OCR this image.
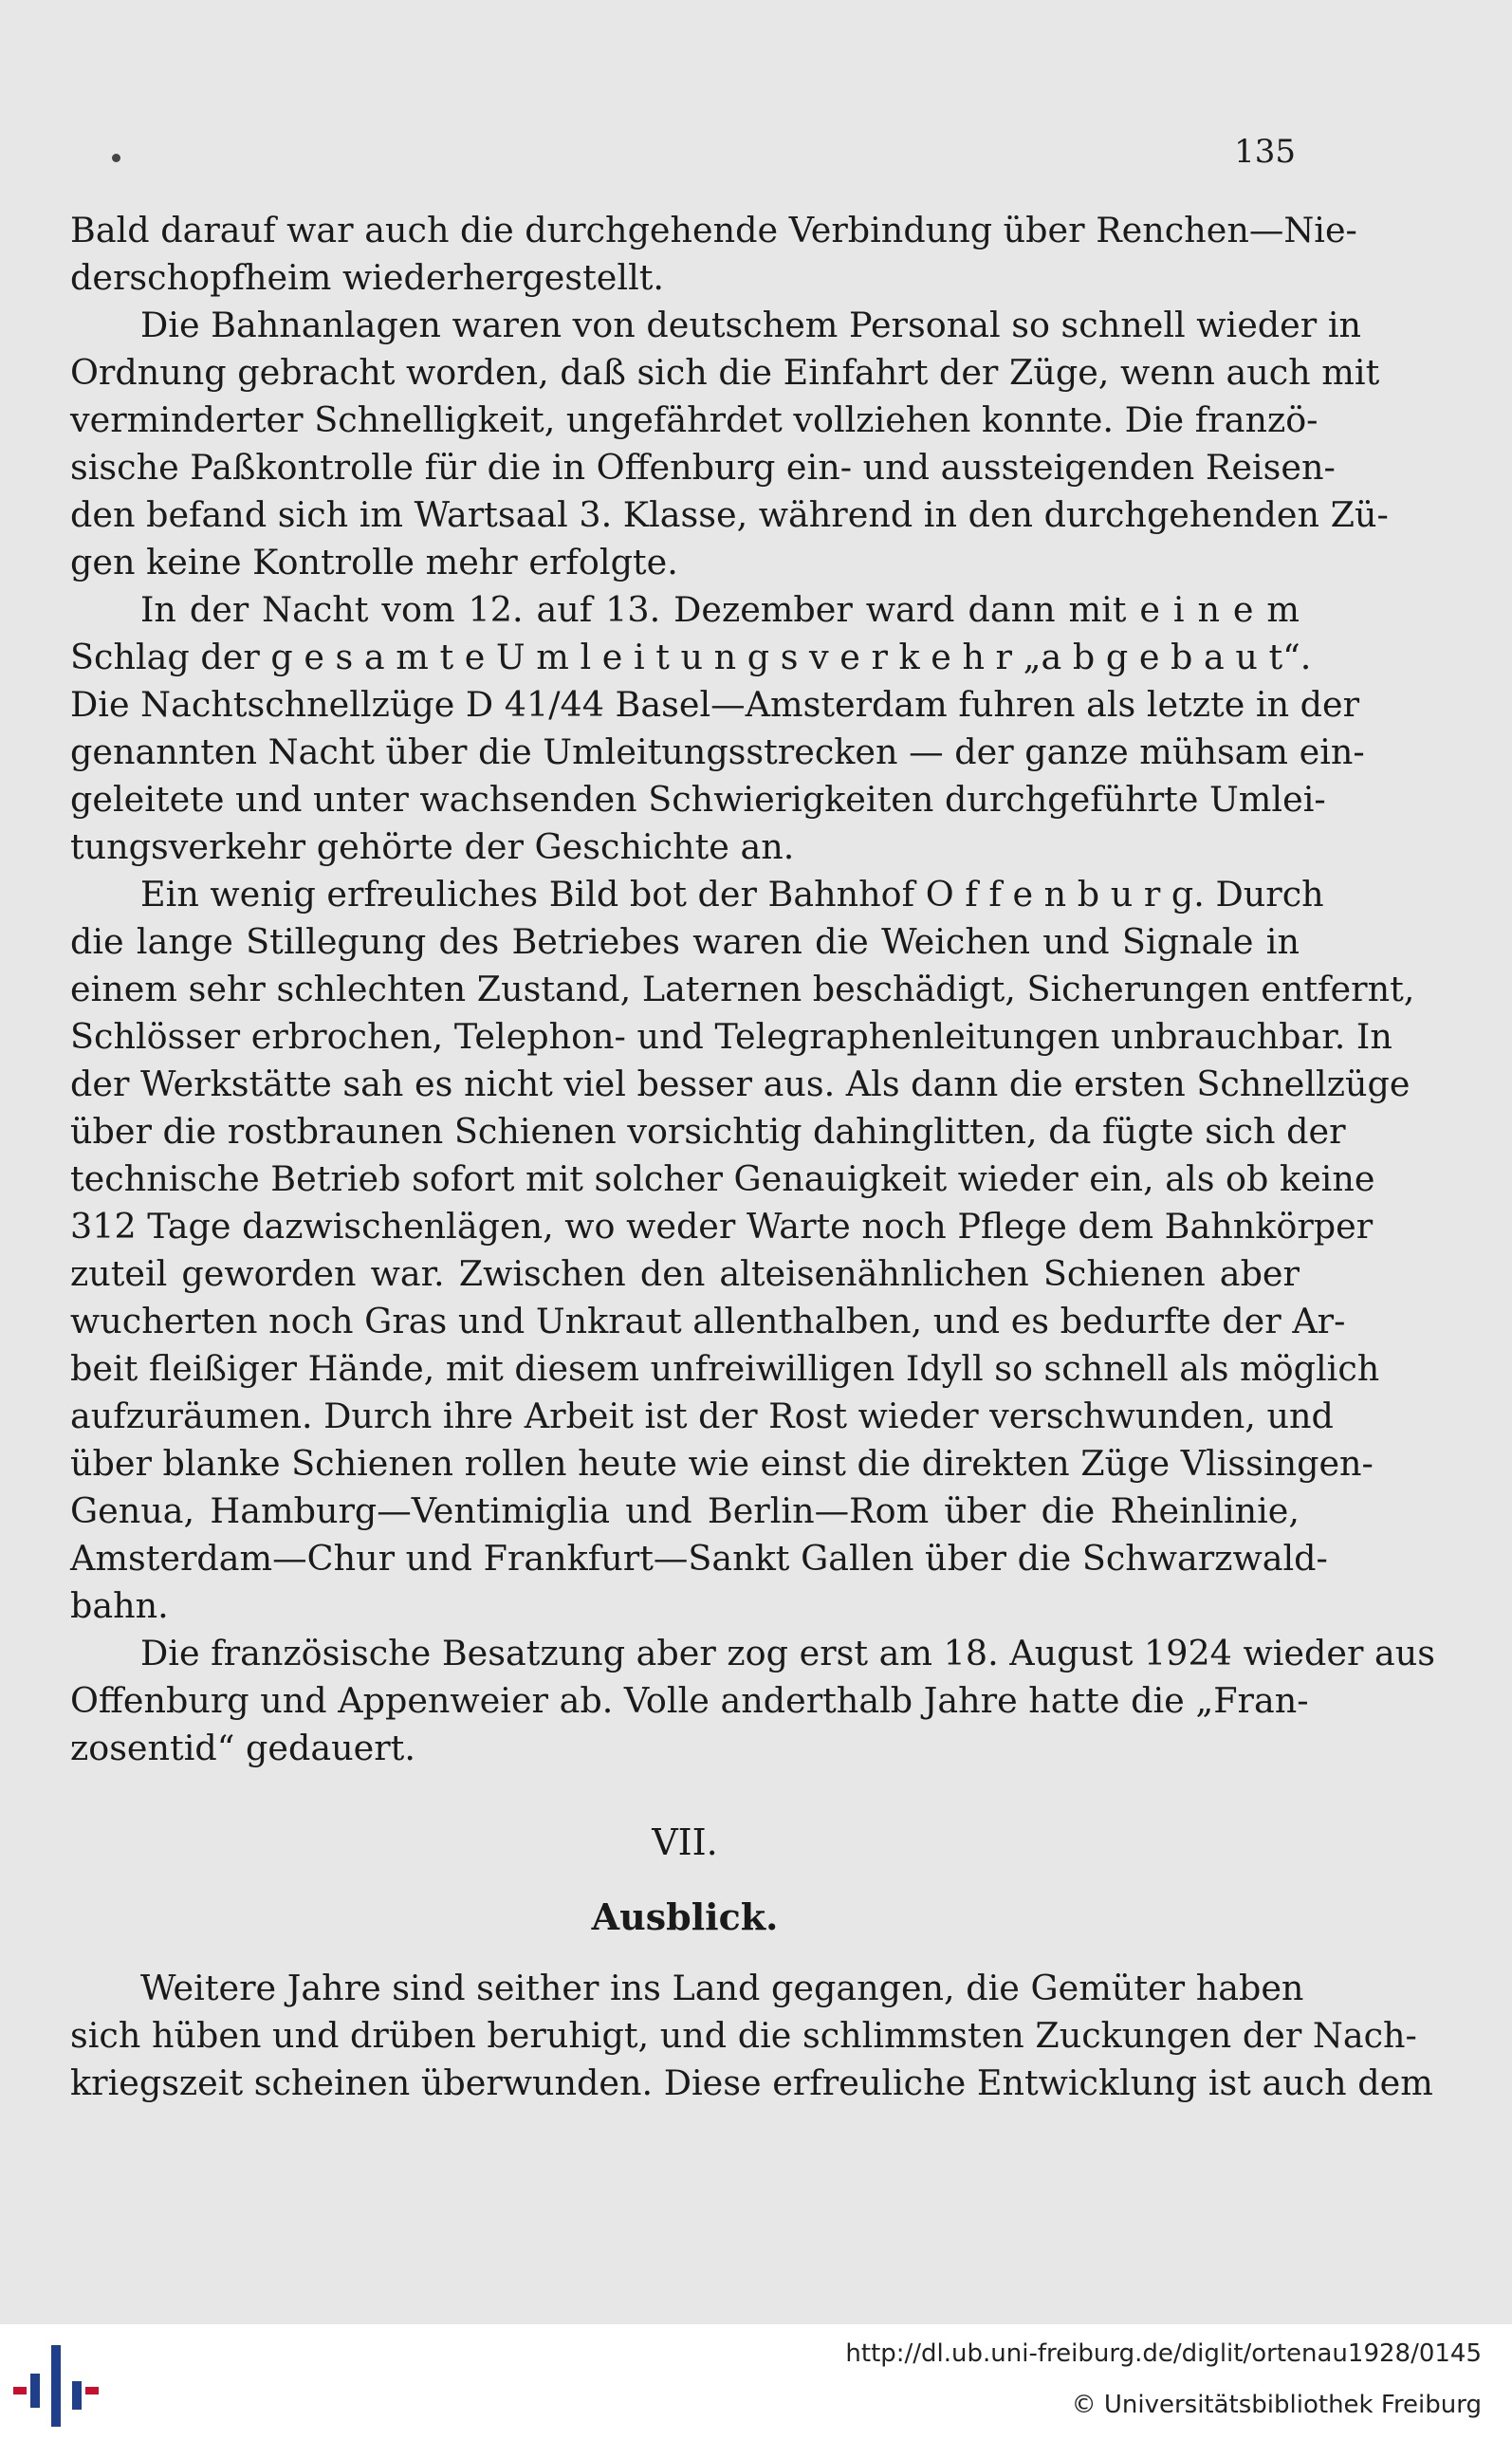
135
Bald darauf war auch die durchgehende Verbindung über Renchen—Nie-
derschopfheim wiederhergestellt.
Die Bahnanlagen waren von deutschem Personal so schnell wieder in
Ordnung gebracht worden, daß sich die Einfahrt der Züge, wenn auch mit
verminderter Schnelligkeit, ungefährdet vollziehen konnte. Die franzö-
sische Paßkontrolle für die in Offenburg ein- und aussteigenden Reisen-
den befand sich im Wartsaal 3. Klasse, während in den durchgehenden Zü-
gen keine Kontrolle mehr erfolgte.
In der Nacht vom 12. auf 13. Dezember ward dann mit e i n e m
Schlag der g e s a m t e U m l e i t u n g s v e r k e h r „a b g e b a u t“.
Die Nachtschnellzüge D 41/44 Basel—Amsterdam fuhren als letzte in der
genannten Nacht über die Umleitungsstrecken — der ganze mühsam ein-
geleitete und unter wachsenden Schwierigkeiten durchgeführte Umlei-
tungsverkehr gehörte der Geschichte an.
Ein wenig erfreuliches Bild bot der Bahnhof O f f e n b u r g. Durch
die lange Stillegung des Betriebes waren die Weichen und Signale in
einem sehr schlechten Zustand, Laternen beschädigt, Sicherungen entfernt,
Schlösser erbrochen, Telephon- und Telegraphenleitungen unbrauchbar. In
der Werkstätte sah es nicht viel besser aus. Als dann die ersten Schnellzüge
über die rostbraunen Schienen vorsichtig dahinglitten, da fügte sich der
technische Betrieb sofort mit solcher Genauigkeit wieder ein, als ob keine
312 Tage dazwischenlägen, wo weder Warte noch Pflege dem Bahnkörper
zuteil geworden war. Zwischen den alteisenähnlichen Schienen aber
wucherten noch Gras und Unkraut allenthalben, und es bedurfte der Ar-
beit fleißiger Hände, mit diesem unfreiwilligen Idyll so schnell als möglich
aufzuräumen. Durch ihre Arbeit ist der Rost wieder verschwunden, und
über blanke Schienen rollen heute wie einst die direkten Züge Vlissingen-
Genua, Hamburg—Ventimiglia und Berlin—Rom über die Rheinlinie,
Amsterdam—Chur und Frankfurt—Sankt Gallen über die Schwarzwald-
bahn.
Die französische Besatzung aber zog erst am 18. August 1924 wieder aus
Offenburg und Appenweier ab. Volle anderthalb Jahre hatte die „Fran-
zosentid“ gedauert.
VII.
Ausblick.
Weitere Jahre sind seither ins Land gegangen, die Gemüter haben
sich hüben und drüben beruhigt, und die schlimmsten Zuckungen der Nach-
kriegszeit scheinen überwunden. Diese erfreuliche Entwicklung ist auch dem
http://dl.ub.uni-freiburg.de/diglit/ortenau1928/0145
© Universitätsbibliothek Freiburg
